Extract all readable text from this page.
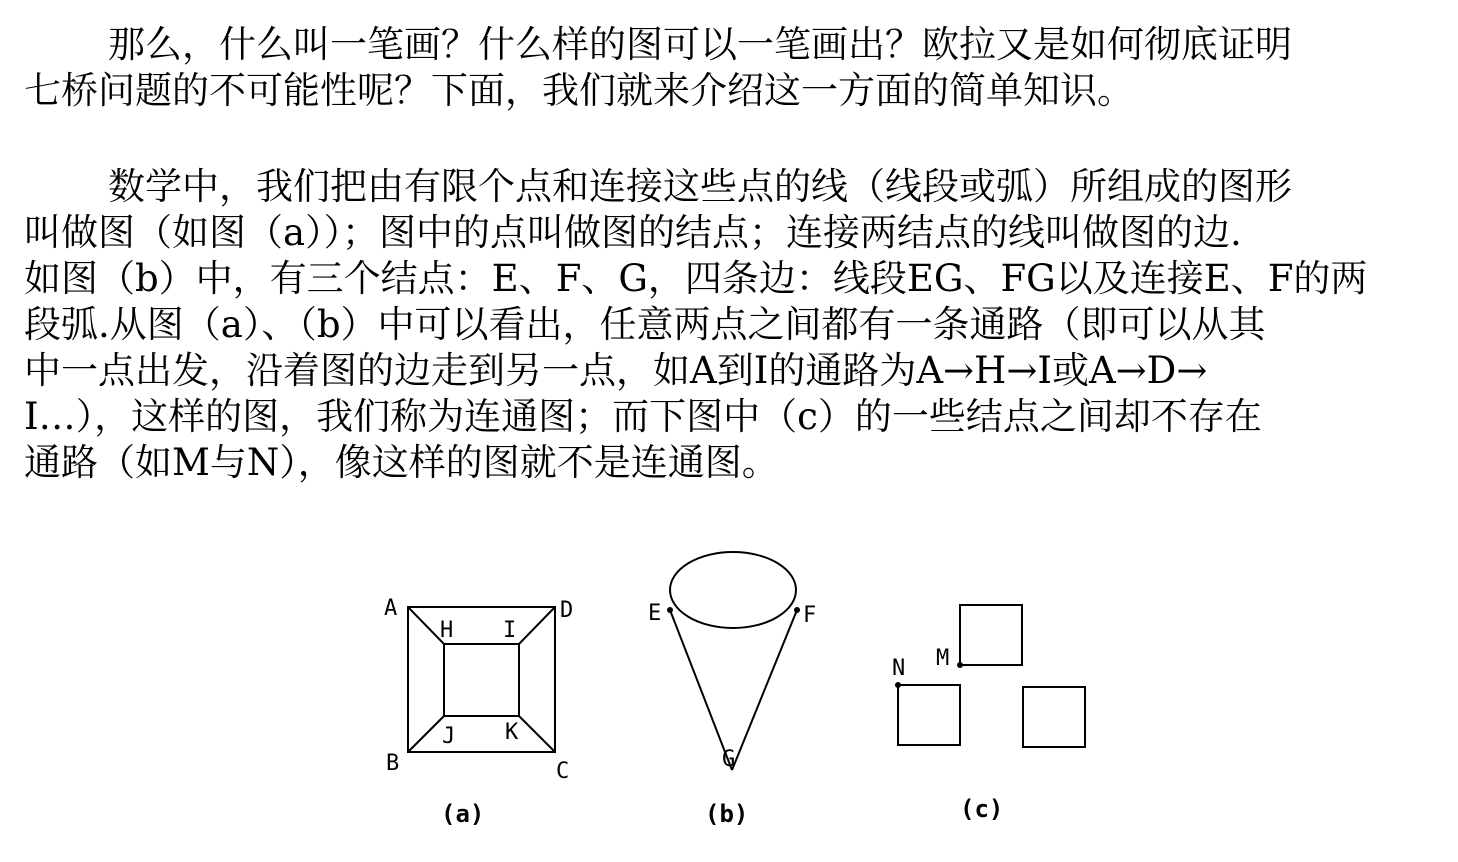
那么，什么叫一笔画？什么样的图可以一笔画出？欧拉又是如何彻底证明
七桥问题的不可能性呢？下面，我们就来介绍这一方面的简单知识。
数学中，我们把由有限个点和连接这些点的线（线段或弧）所组成的图形
叫做图（如图（a））；图中的点叫做图的结点；连接两结点的线叫做图的边.
如图（b）中，有三个结点：E、F、G，四条边：线段EG、FG以及连接E、F的两
段弧.从图（a）、（b）中可以看出，任意两点之间都有一条通路（即可以从其
中一点出发，沿着图的边走到另一点，如A到I的通路为A→H→I或A→D→
I…），这样的图，我们称为连通图；而下图中（c）的一些结点之间却不存在
通路（如M与N），像这样的图就不是连通图。
A	D
H I
J K
B	C
(a)
E	F
G
(b)
M
N
(c)
